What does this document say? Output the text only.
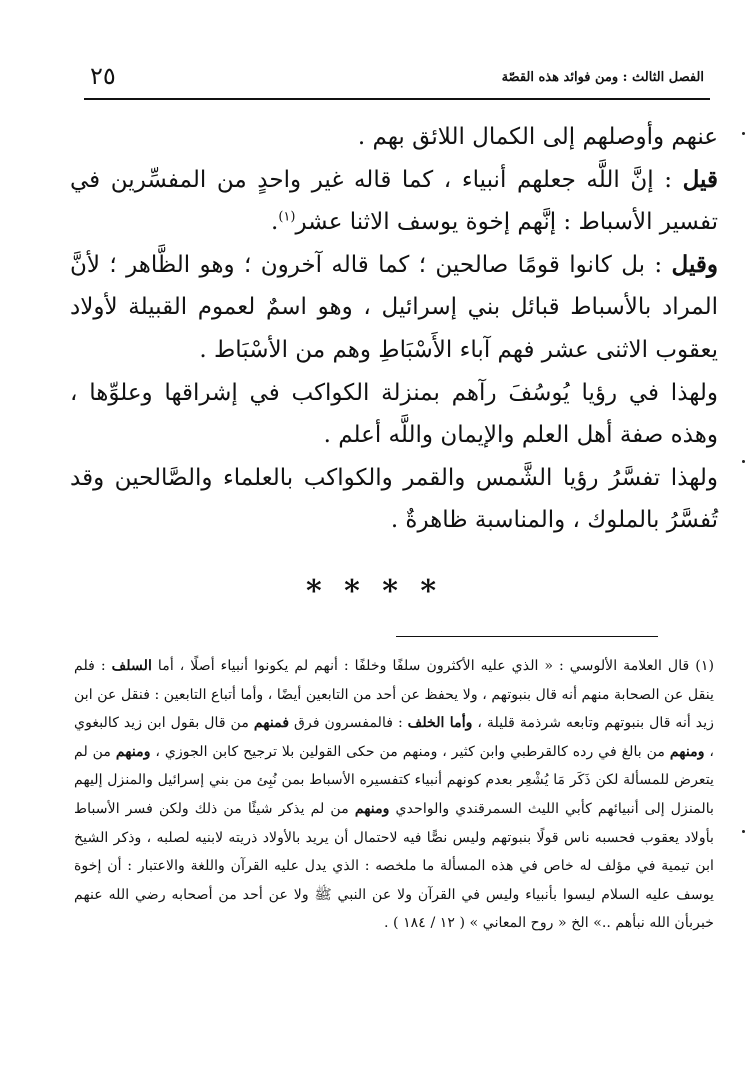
الفصل الثالث : ومن فوائد هذه القصّة
٢٥

عنهم وأوصلهم إلى الكمال اللائق بهم .

قيل : إنَّ اللَّه جعلهم أنبياء ، كما قاله غير واحدٍ من المفسِّرين في تفسير الأسباط : إنَّهم إخوة يوسف الاثنا عشر$^{(١)}$.

وقيل : بل كانوا قومًا صالحين ؛ كما قاله آخرون ؛ وهو الظَّاهر ؛ لأنَّ المراد بالأسباط قبائل بني إسرائيل ، وهو اسمٌ لعموم القبيلة لأولاد يعقوب الاثنى عشر فهم آباء الأَسْبَاطِ وهم من الأسْبَاط .

ولهذا في رؤيا يُوسُفَ رآهم بمنزلة الكواكب في إشراقها وعلوِّها ، وهذه صفة أهل العلم والإيمان واللَّه أعلم .

ولهذا تفسَّرُ رؤيا الشَّمس والقمر والكواكب بالعلماء والصَّالحين وقد تُفسَّرُ بالملوك ، والمناسبة ظاهرةٌ .

* * * *

(١) قال العلامة الألوسي : « الذي عليه الأكثرون سلفًا وخلفًا : أنهم لم يكونوا أنبياء أصلًا ، أما السلف : فلم ينقل عن الصحابة منهم أنه قال بنبوتهم ، ولا يحفظ عن أحد من التابعين أيضًا ، وأما أتباع التابعين : فنقل عن ابن زيد أنه قال بنبوتهم وتابعه شرذمة قليلة ، وأما الخلف : فالمفسرون فرق فمنهم من قال بقول ابن زيد كالبغوي ، ومنهم من بالغ في رده كالقرطبي وابن كثير ، ومنهم من حكى القولين بلا ترجيح كابن الجوزي ، ومنهم من لم يتعرض للمسألة لكن ذَكَر مَا يُشْعِر بعدم كونهم أنبياء كتفسيره الأسباط بمن نُبِئ من بني إسرائيل والمنزل إليهم بالمنزل إلى أنبيائهم كأبي الليث السمرقندي والواحدي ومنهم من لم يذكر شيئًا من ذلك ولكن فسر الأسباط بأولاد يعقوب فحسبه ناس قولًا بنبوتهم وليس نصًّا فيه لاحتمال أن يريد بالأولاد ذريته لابنيه لصلبه ، وذكر الشيخ ابن تيمية في مؤلف له خاص في هذه المسألة ما ملخصه : الذي يدل عليه القرآن واللغة والاعتبار : أن إخوة يوسف عليه السلام ليسوا بأنبياء وليس في القرآن ولا عن النبي ﷺ ولا عن أحد من أصحابه رضي الله عنهم خبربأن الله نبأهم ..» الخ « روح المعاني » ( ١٢ / ١٨٤ ) .
